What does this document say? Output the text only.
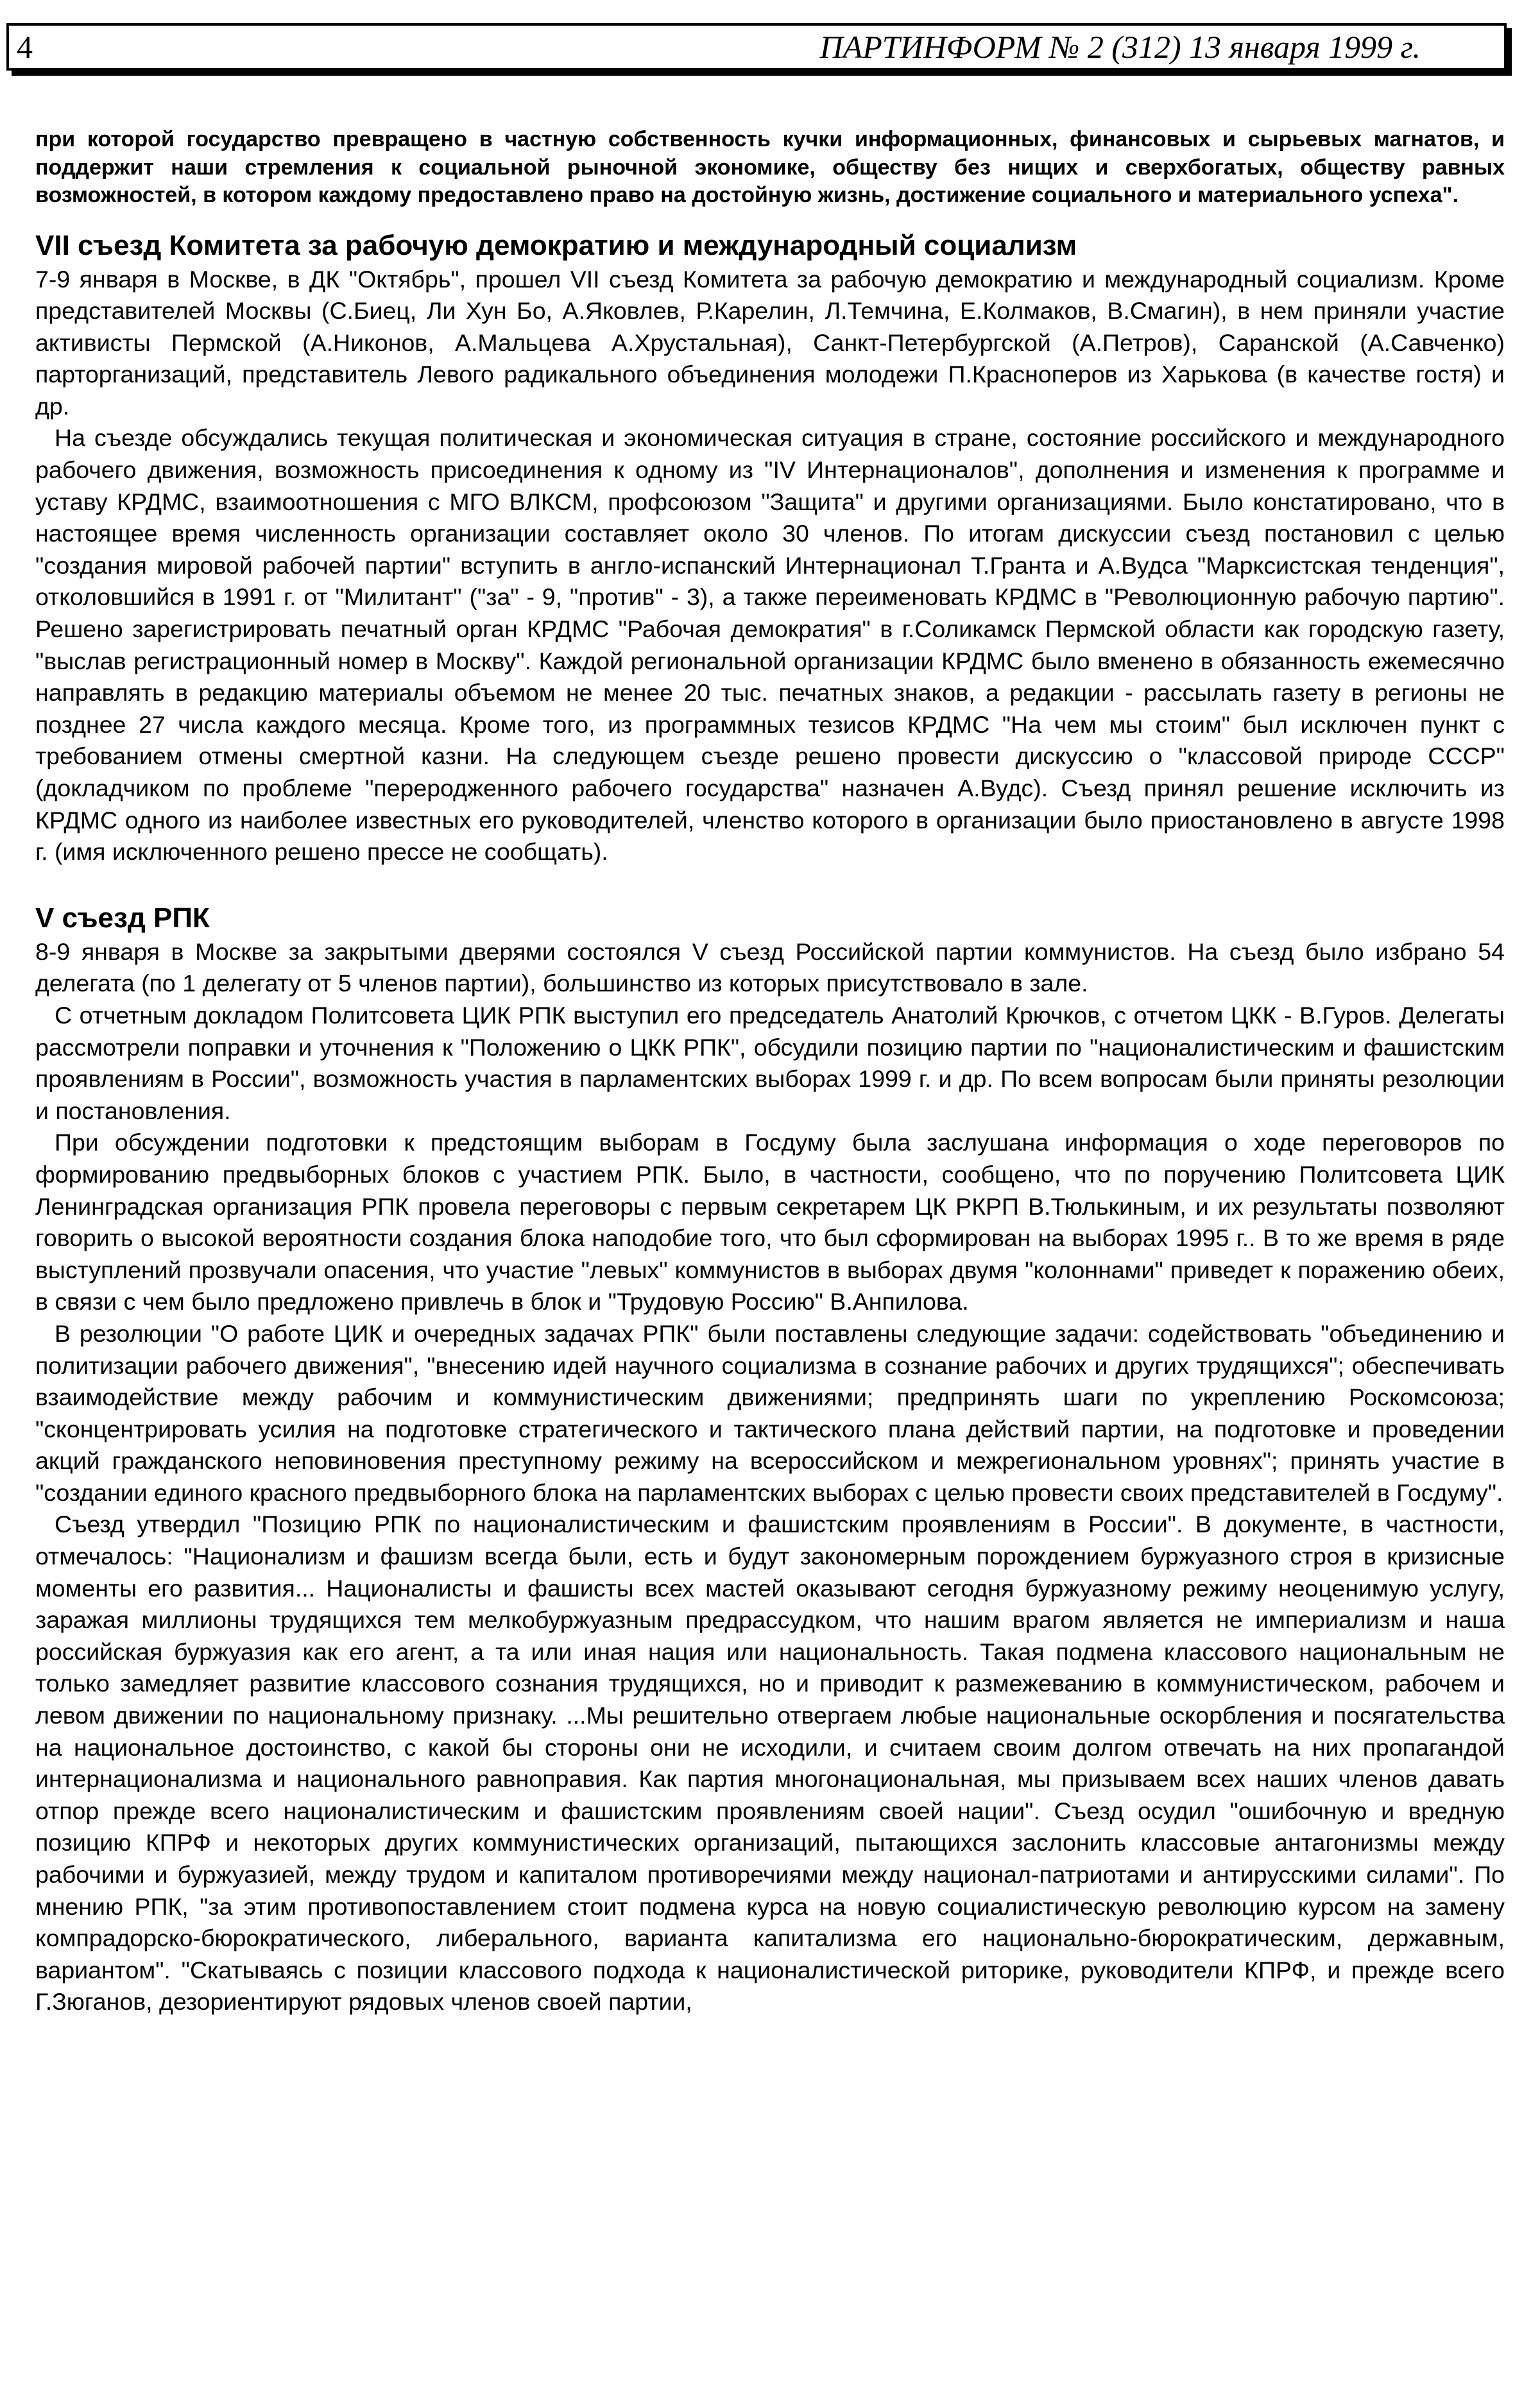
4	ПАРТИНФОРМ № 2 (312) 13 января 1999 г.

при которой государство превращено в частную собственность кучки информационных, финансовых и сырьевых магнатов, и поддержит наши стремления к социальной рыночной экономике, обществу без нищих и сверхбогатых, обществу равных возможностей, в котором каждому предоставлено право на достойную жизнь, достижение социального и материального успеха".

VII съезд Комитета за рабочую демократию и международный социализм

7-9 января в Москве, в ДК "Октябрь", прошел VII съезд Комитета за рабочую демократию и международный социализм. Кроме представителей Москвы (С.Биец, Ли Хун Бо, А.Яковлев, Р.Карелин, Л.Темчина, Е.Колмаков, В.Смагин), в нем приняли участие активисты Пермской (А.Никонов, А.Мальцева А.Хрустальная), Санкт-Петербургской (А.Петров), Саранской (А.Савченко) парторганизаций, представитель Левого радикального объединения молодежи П.Красноперов из Харькова (в качестве гостя) и др.

На съезде обсуждались текущая политическая и экономическая ситуация в стране, состояние российского и международного рабочего движения, возможность присоединения к одному из "IV Интернационалов", дополнения и изменения к программе и уставу КРДМС, взаимоотношения с МГО ВЛКСМ, профсоюзом "Защита" и другими организациями. Было констатировано, что в настоящее время численность организации составляет около 30 членов. По итогам дискуссии съезд постановил с целью "создания мировой рабочей партии" вступить в англо-испанский Интернационал Т.Гранта и А.Вудса "Марксистская тенденция", отколовшийся в 1991 г. от "Милитант" ("за" - 9, "против" - 3), а также переименовать КРДМС в "Революционную рабочую партию". Решено зарегистрировать печатный орган КРДМС "Рабочая демократия" в г.Соликамск Пермской области как городскую газету, "выслав регистрационный номер в Москву". Каждой региональной организации КРДМС было вменено в обязанность ежемесячно направлять в редакцию материалы объемом не менее 20 тыс. печатных знаков, а редакции - рассылать газету в регионы не позднее 27 числа каждого месяца. Кроме того, из программных тезисов КРДМС "На чем мы стоим" был исключен пункт с требованием отмены смертной казни. На следующем съезде решено провести дискуссию о "классовой природе СССР" (докладчиком по проблеме "переродженного рабочего государства" назначен А.Вудс). Съезд принял решение исключить из КРДМС одного из наиболее известных его руководителей, членство которого в организации было приостановлено в августе 1998 г. (имя исключенного решено прессе не сообщать).

V съезд РПК

8-9 января в Москве за закрытыми дверями состоялся V съезд Российской партии коммунистов. На съезд было избрано 54 делегата (по 1 делегату от 5 членов партии), большинство из которых присутствовало в зале.

С отчетным докладом Политсовета ЦИК РПК выступил его председатель Анатолий Крючков, с отчетом ЦКК - В.Гуров. Делегаты рассмотрели поправки и уточнения к "Положению о ЦКК РПК", обсудили позицию партии по "националистическим и фашистским проявлениям в России", возможность участия в парламентских выборах 1999 г. и др. По всем вопросам были приняты резолюции и постановления.

При обсуждении подготовки к предстоящим выборам в Госдуму была заслушана информация о ходе переговоров по формированию предвыборных блоков с участием РПК. Было, в частности, сообщено, что по поручению Политсовета ЦИК Ленинградская организация РПК провела переговоры с первым секретарем ЦК РКРП В.Тюлькиным, и их результаты позволяют говорить о высокой вероятности создания блока наподобие того, что был сформирован на выборах 1995 г.. В то же время в ряде выступлений прозвучали опасения, что участие "левых" коммунистов в выборах двумя "колоннами" приведет к поражению обеих, в связи с чем было предложено привлечь в блок и "Трудовую Россию" В.Анпилова.

В резолюции "О работе ЦИК и очередных задачах РПК" были поставлены следующие задачи: содействовать "объединению и политизации рабочего движения", "внесению идей научного социализма в сознание рабочих и других трудящихся"; обеспечивать взаимодействие между рабочим и коммунистическим движениями; предпринять шаги по укреплению Роскомсоюза; "сконцентрировать усилия на подготовке стратегического и тактического плана действий партии, на подготовке и проведении акций гражданского неповиновения преступному режиму на всероссийском и межрегиональном уровнях"; принять участие в "создании единого красного предвыборного блока на парламентских выборах с целью провести своих представителей в Госдуму".

Съезд утвердил "Позицию РПК по националистическим и фашистским проявлениям в России". В документе, в частности, отмечалось: "Национализм и фашизм всегда были, есть и будут закономерным порождением буржуазного строя в кризисные моменты его развития... Националисты и фашисты всех мастей оказывают сегодня буржуазному режиму неоценимую услугу, заражая миллионы трудящихся тем мелкобуржуазным предрассудком, что нашим врагом является не империализм и наша российская буржуазия как его агент, а та или иная нация или национальность. Такая подмена классового национальным не только замедляет развитие классового сознания трудящихся, но и приводит к размежеванию в коммунистическом, рабочем и левом движении по национальному признаку. ...Мы решительно отвергаем любые национальные оскорбления и посягательства на национальное достоинство, с какой бы стороны они не исходили, и считаем своим долгом отвечать на них пропагандой интернационализма и национального равноправия. Как партия многонациональная, мы призываем всех наших членов давать отпор прежде всего националистическим и фашистским проявлениям своей нации". Съезд осудил "ошибочную и вредную позицию КПРФ и некоторых других коммунистических организаций, пытающихся заслонить классовые антагонизмы между рабочими и буржуазией, между трудом и капиталом противоречиями между национал-патриотами и антирусскими силами". По мнению РПК, "за этим противопоставлением стоит подмена курса на новую социалистическую революцию курсом на замену компрадорско-бюрократического, либерального, варианта капитализма его национально-бюрократическим, державным, вариантом". "Скатываясь с позиции классового подхода к националистической риторике, руководители КПРФ, и прежде всего Г.Зюганов, дезориентируют рядовых членов своей партии,
